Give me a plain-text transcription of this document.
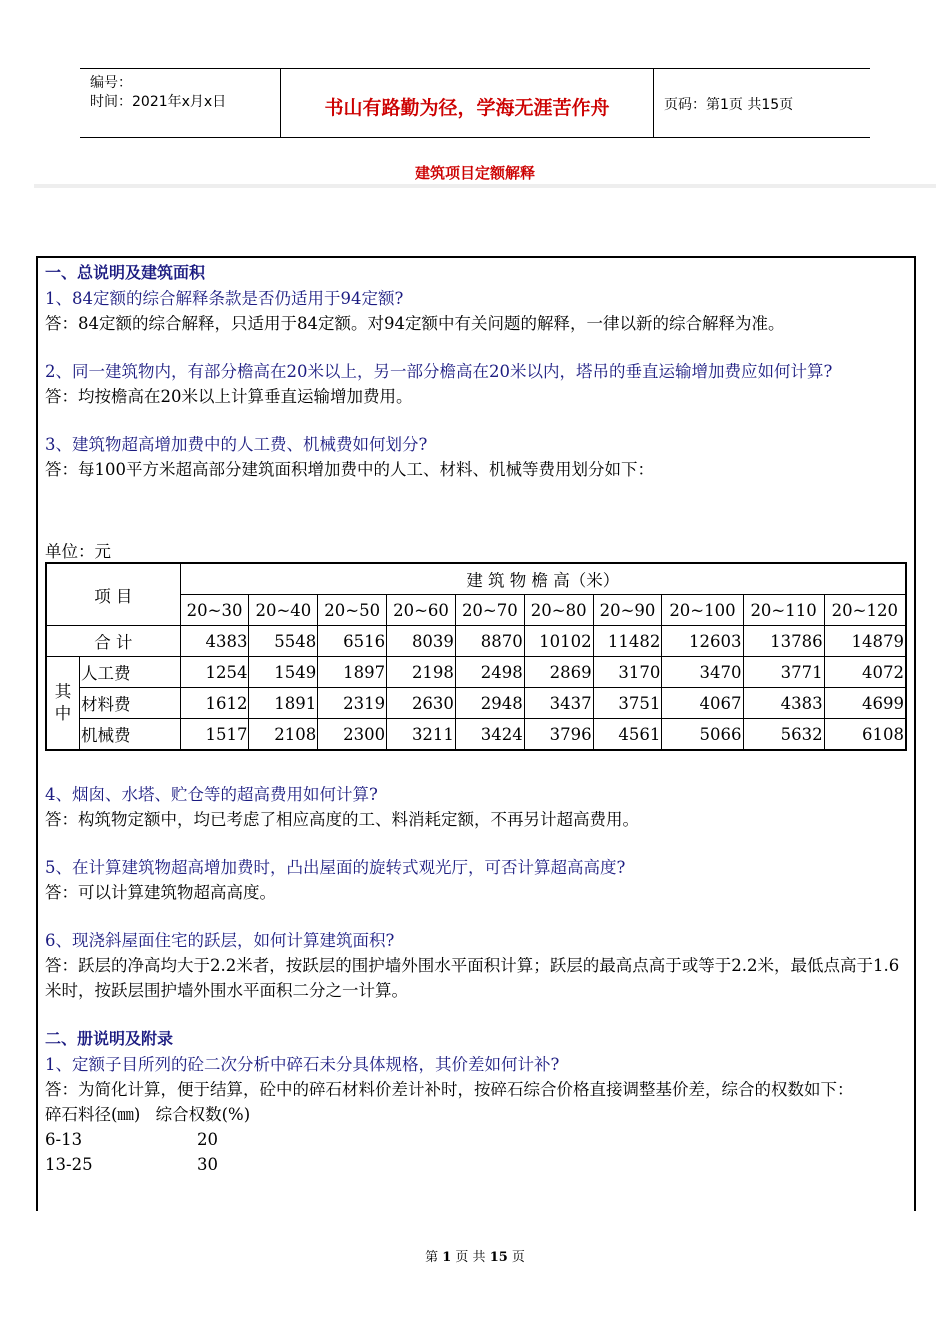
编号：
时间：2021年x月x日	书山有路勤为径，学海无涯苦作舟	页码：第1页 共15页
建筑项目定额解释
一、总说明及建筑面积
1、84定额的综合解释条款是否仍适用于94定额?
答：84定额的综合解释，只适用于84定额。对94定额中有关问题的解释，一律以新的综合解释为准。
2、同一建筑物内，有部分檐高在20米以上，另一部分檐高在20米以内，塔吊的垂直运输增加费应如何计算?
答：均按檐高在20米以上计算垂直运输增加费用。
3、建筑物超高增加费中的人工费、机械费如何划分?
答：每100平方米超高部分建筑面积增加费中的人工、材料、机械等费用划分如下：
单位：元
项 目		建 筑 物 檐 高（米）									
		20~30	20~40	20~50	20~60	20~70	20~80	20~90	20~100	20~110	20~120
合 计		4383	5548	6516	8039	8870	10102	11482	12603	13786	14879
其中	人工费	1254	1549	1897	2198	2498	2869	3170	3470	3771	4072
	材料费	1612	1891	2319	2630	2948	3437	3751	4067	4383	4699
	机械费	1517	2108	2300	3211	3424	3796	4561	5066	5632	6108
4、烟囱、水塔、贮仓等的超高费用如何计算?
答：构筑物定额中，均已考虑了相应高度的工、料消耗定额，不再另计超高费用。
5、在计算建筑物超高增加费时，凸出屋面的旋转式观光厅，可否计算超高高度?
答：可以计算建筑物超高高度。
6、现浇斜屋面住宅的跃层，如何计算建筑面积?
答：跃层的净高均大于2.2米者，按跃层的围护墙外围水平面积计算；跃层的最高点高于或等于2.2米，最低点高于1.6米时，按跃层围护墙外围水平面积二分之一计算。
二、册说明及附录
1、定额子目所列的砼二次分析中碎石未分具体规格，其价差如何计补?
答：为简化计算，便于结算，砼中的碎石材料价差计补时，按碎石综合价格直接调整基价差，综合的权数如下：
碎石料径(㎜) 综合权数(%)
6-13	20
13-25	30
第 1 页 共 15 页
